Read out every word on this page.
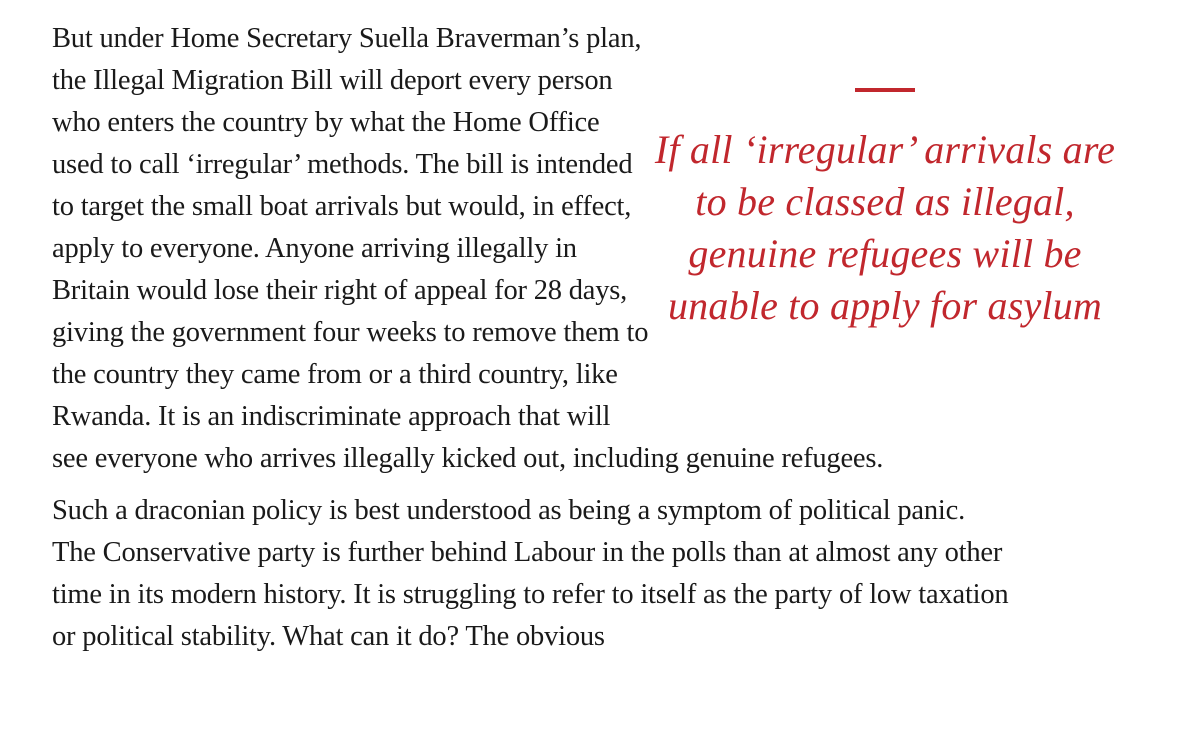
If all ‘irregular’ arrivals are to be classed as illegal, genuine refugees will be unable to apply for asylum

But under Home Secretary Suella Braverman’s plan, the Illegal Migration Bill will deport every person who enters the country by what the Home Office used to call ‘irregular’ methods. The bill is intended to target the small boat arrivals but would, in effect, apply to everyone. Anyone arriving illegally in Britain would lose their right of appeal for 28 days, giving the government four weeks to remove them to the country they came from or a third country, like Rwanda. It is an indiscriminate approach that will see everyone who arrives illegally kicked out, including genuine refugees.

Such a draconian policy is best understood as being a symptom of political panic. The Conservative party is further behind Labour in the polls than at almost any other time in its modern history. It is struggling to refer to itself as the party of low taxation or political stability. What can it do? The obvious
